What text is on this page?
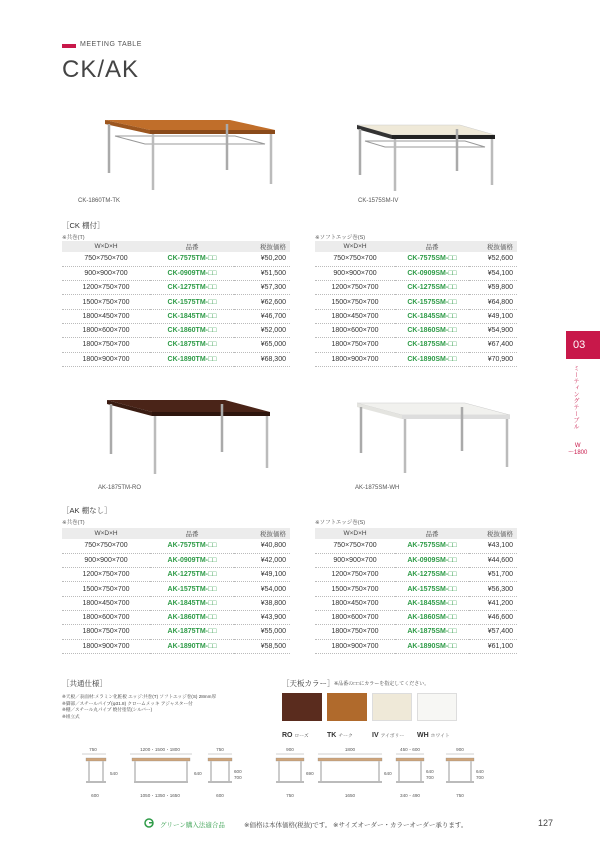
MEETING TABLE
CK/AK
CK-1860TM-TK	CK-1575SM-IV
［CK 棚付］
※共巻(T)	※ソフトエッジ巻(S)
W×D×H	品番	税抜価格
750×750×700	CK-7575TM-□□	¥50,200
900×900×700	CK-0909TM-□□	¥51,500
1200×750×700	CK-1275TM-□□	¥57,300
1500×750×700	CK-1575TM-□□	¥62,600
1800×450×700	CK-1845TM-□□	¥46,700
1800×600×700	CK-1860TM-□□	¥52,000
1800×750×700	CK-1875TM-□□	¥65,000
1800×900×700	CK-1890TM-□□	¥68,300
W×D×H	品番	税抜価格
750×750×700	CK-7575SM-□□	¥52,600
900×900×700	CK-0909SM-□□	¥54,100
1200×750×700	CK-1275SM-□□	¥59,800
1500×750×700	CK-1575SM-□□	¥64,800
1800×450×700	CK-1845SM-□□	¥49,100
1800×600×700	CK-1860SM-□□	¥54,900
1800×750×700	CK-1875SM-□□	¥67,400
1800×900×700	CK-1890SM-□□	¥70,900
03
ミーティングテーブル
W
～1800
AK-1875TM-RO	AK-1875SM-WH
［AK 棚なし］
※共巻(T)	※ソフトエッジ巻(S)
W×D×H	品番	税抜価格
750×750×700	AK-7575TM-□□	¥40,800
900×900×700	AK-0909TM-□□	¥42,000
1200×750×700	AK-1275TM-□□	¥49,100
1500×750×700	AK-1575TM-□□	¥54,000
1800×450×700	AK-1845TM-□□	¥38,800
1800×600×700	AK-1860TM-□□	¥43,900
1800×750×700	AK-1875TM-□□	¥55,000
1800×900×700	AK-1890TM-□□	¥58,500
W×D×H	品番	税抜価格
750×750×700	AK-7575SM-□□	¥43,100
900×900×700	AK-0909SM-□□	¥44,600
1200×750×700	AK-1275SM-□□	¥51,700
1500×750×700	AK-1575SM-□□	¥56,300
1800×450×700	AK-1845SM-□□	¥41,200
1800×600×700	AK-1860SM-□□	¥46,600
1800×750×700	AK-1875SM-□□	¥57,400
1800×900×700	AK-1890SM-□□	¥61,100
［共通仕様］
※天板／表面材:メラミン化粧板 エッジ:共巻(T) ソフトエッジ巻(S) 28mm厚
※脚部／スチールパイプ(φ31.8) クロームメッキ アジャスター付
※棚／スチール丸パイプ 焼付塗装(シルバー)
※組立式
［天板カラー］ ※品番の□□にカラーを指定してください。
RO ローズ	TK チーク	IV アイボリー WH ホワイト
750
540
600
1200・1500・1800
640
1050・1350・1650
750
600
700
600
900
690
750
1800
640
1650
450・600
640
700
340・490
900
640
700
750
グリーン購入法適合品	※価格は本体価格(税抜)です。 ※サイズオーダー・カラーオーダー承ります。	127
